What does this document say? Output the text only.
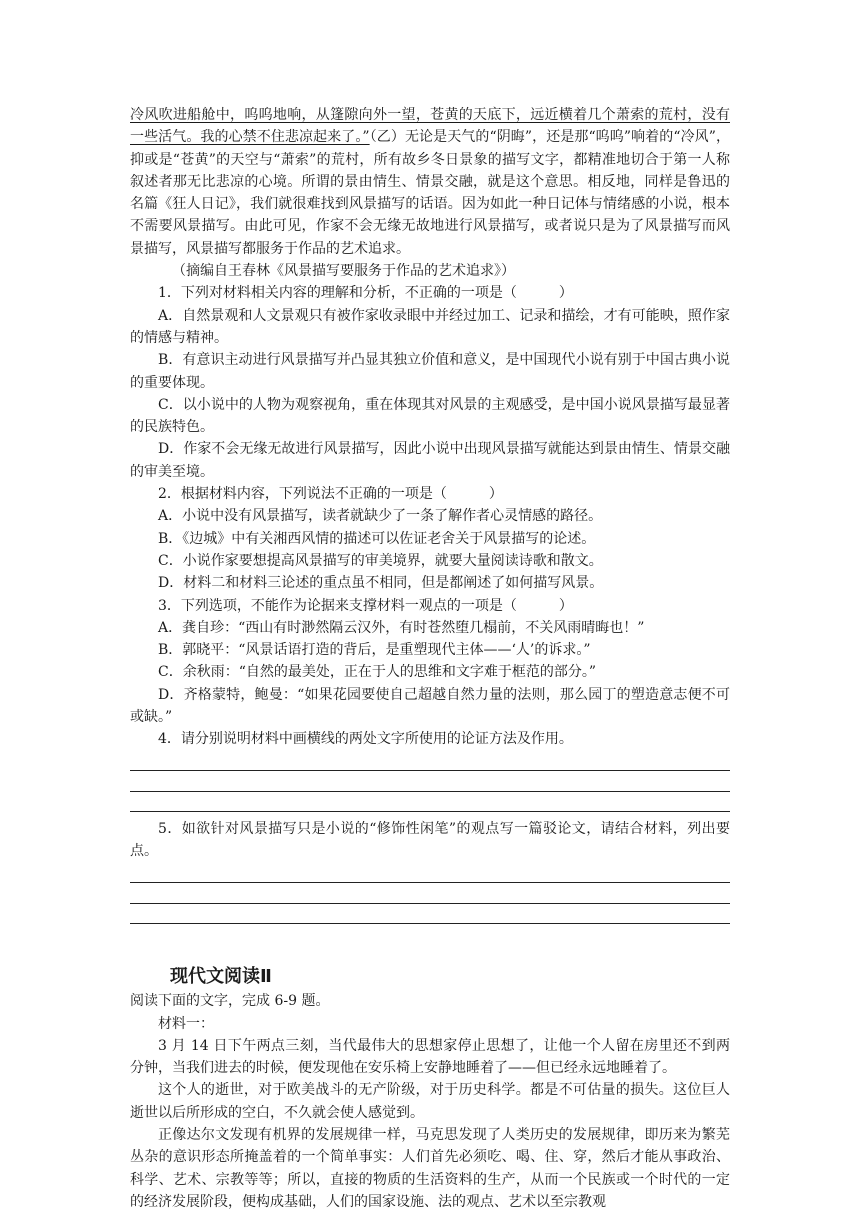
冷风吹进船舱中，呜呜地响，从篷隙向外一望，苍黄的天底下，远近横着几个萧索的荒村，没有一些活气。我的心禁不住悲凉起来了。”（乙）无论是天气的“阴晦”，还是那“呜呜”响着的“冷风”，抑或是“苍黄”的天空与“萧索”的荒村，所有故乡冬日景象的描写文字，都精准地切合于第一人称叙述者那无比悲凉的心境。所谓的景由情生、情景交融，就是这个意思。相反地，同样是鲁迅的名篇《狂人日记》，我们就很难找到风景描写的话语。因为如此一种日记体与情绪感的小说，根本不需要风景描写。由此可见，作家不会无缘无故地进行风景描写，或者说只是为了风景描写而风景描写，风景描写都服务于作品的艺术追求。

（摘编自王春林《风景描写要服务于作品的艺术追求》）

1．下列对材料相关内容的理解和分析，不正确的一项是（　　　）

A．自然景观和人文景观只有被作家收录眼中并经过加工、记录和描绘，才有可能映，照作家的情感与精神。

B．有意识主动进行风景描写并凸显其独立价值和意义，是中国现代小说有别于中国古典小说的重要体现。

C．以小说中的人物为观察视角，重在体现其对风景的主观感受，是中国小说风景描写最显著的民族特色。

D．作家不会无缘无故进行风景描写，因此小说中出现风景描写就能达到景由情生、情景交融的审美至境。

2．根据材料内容，下列说法不正确的一项是（　　　）

A．小说中没有风景描写，读者就缺少了一条了解作者心灵情感的路径。

B．《边城》中有关湘西风情的描述可以佐证老舍关于风景描写的论述。

C．小说作家要想提高风景描写的审美境界，就要大量阅读诗歌和散文。

D．材料二和材料三论述的重点虽不相同，但是都阐述了如何描写风景。

3．下列选项，不能作为论据来支撑材料一观点的一项是（　　　）

A．龚自珍：“西山有时渺然隔云汉外，有时苍然堕几榻前，不关风雨晴晦也！”

B．郭晓平：“风景话语打造的背后，是重塑现代主体——‘人’的诉求。”

C．余秋雨：“自然的最美处，正在于人的思维和文字难于框范的部分。”

D．齐格蒙特，鲍曼：“如果花园要使自己超越自然力量的法则，那么园丁的塑造意志便不可或缺。”

4．请分别说明材料中画横线的两处文字所使用的论证方法及作用。

5．如欲针对风景描写只是小说的“修饰性闲笔”的观点写一篇驳论文，请结合材料，列出要点。

现代文阅读Ⅱ

阅读下面的文字，完成 6-9 题。

材料一：

3 月 14 日下午两点三刻，当代最伟大的思想家停止思想了，让他一个人留在房里还不到两分钟，当我们进去的时候，便发现他在安乐椅上安静地睡着了——但已经永远地睡着了。

这个人的逝世，对于欧美战斗的无产阶级，对于历史科学。都是不可估量的损失。这位巨人逝世以后所形成的空白，不久就会使人感觉到。

正像达尔文发现有机界的发展规律一样，马克思发现了人类历史的发展规律，即历来为繁芜丛杂的意识形态所掩盖着的一个简单事实：人们首先必须吃、喝、住、穿，然后才能从事政治、科学、艺术、宗教等等；所以，直接的物质的生活资料的生产，从而一个民族或一个时代的一定的经济发展阶段，便构成基础，人们的国家设施、法的观点、艺术以至宗教观
